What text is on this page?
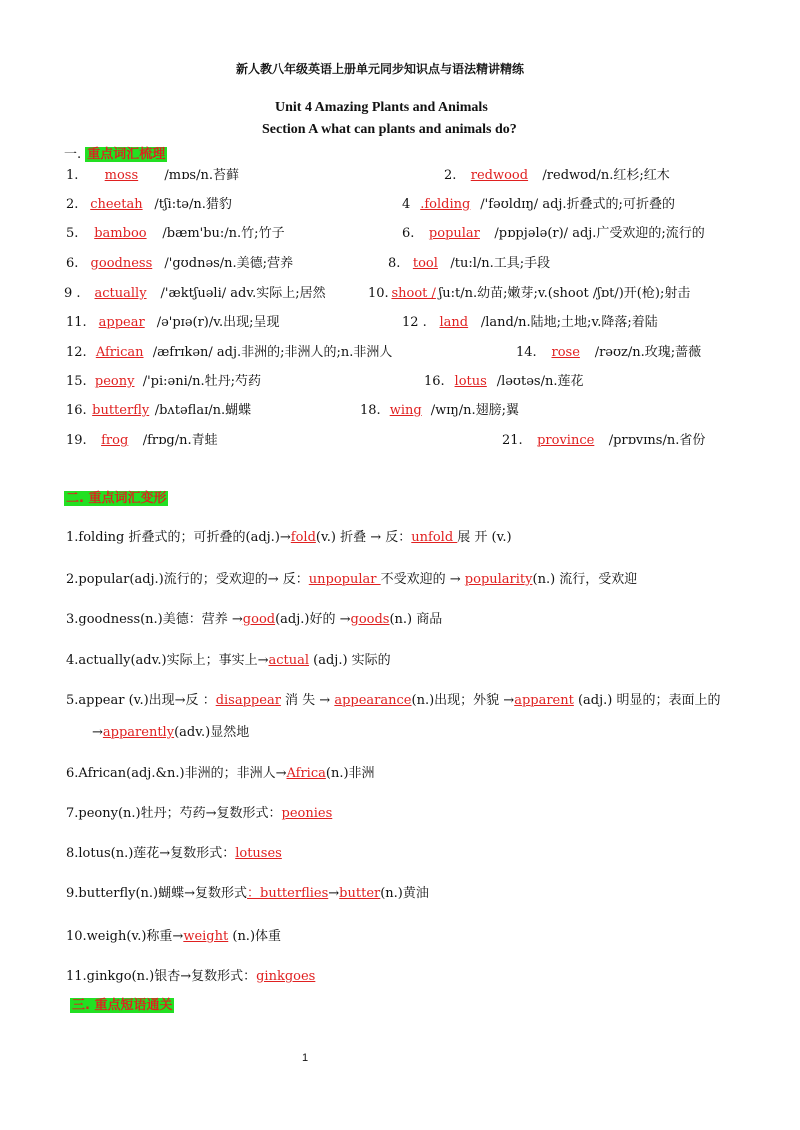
新人教八年级英语上册单元同步知识点与语法精讲精练
Unit 4 Amazing Plants and Animals
Section A what can plants and animals do?
一. 重点词汇梳理
1. moss /mɒs/n.苔藓	2. redwood /redwʊd/n.红杉;红木
2. cheetah /tʃi:tə/n.猎豹	4 .folding /'fəʊldɪŋ/ adj.折叠式的;可折叠的
5. bamboo /bæm'bu:/n.竹;竹子	6. popular /pɒpjələ(r)/ adj.广受欢迎的;流行的
6. goodness /'gʊdnəs/n.美德;营养	8. tool /tu:l/n.工具;手段
9 . actually /'æktʃuəli/ adv.实际上;居然	10. shoot / ʃu:t/n.幼苗;嫩芽;v.(shoot /ʃɒt/)开(枪);射击
11. appear /ə'pɪə(r)/v.出现;呈现	12 . land /land/n.陆地;土地;v.降落;着陆
12. African /æfrɪkən/ adj.非洲的;非洲人的;n.非洲人	14. rose /rəʊz/n.玫瑰;蔷薇
15. peony /'pi:əni/n.牡丹;芍药	16. lotus /ləʊtəs/n.莲花
16. butterfly /bʌtəflaɪ/n.蝴蝶	18. wing /wɪŋ/n.翅膀;翼
19. frog /frɒg/n.青蛙	21. province /prɒvɪns/n.省份
二. 重点词汇变形
1.folding 折叠式的；可折叠的(adj.)→fold(v.) 折叠 → 反：unfold 展 开 (v.)
2.popular(adj.)流行的；受欢迎的→ 反：unpopular 不受欢迎的 → popularity(n.) 流行，受欢迎
3.goodness(n.)美德：营养 →good(adj.)好的 →goods(n.) 商品
4.actually(adv.)实际上；事实上→actual (adj.) 实际的
5.appear (v.)出现→反 ：disappear 消 失 → appearance(n.)出现；外貌 →apparent (adj.) 明显的；表面上的
→apparently(adv.)显然地
6.African(adj.&n.)非洲的；非洲人→Africa(n.)非洲
7.peony(n.)牡丹；芍药→复数形式：peonies
8.lotus(n.)莲花→复数形式：lotuses
9.butterfly(n.)蝴蝶→复数形式：butterflies→butter(n.)黄油
10.weigh(v.)称重→weight (n.)体重
11.ginkgo(n.)银杏→复数形式：ginkgoes
三. 重点短语通关
1
